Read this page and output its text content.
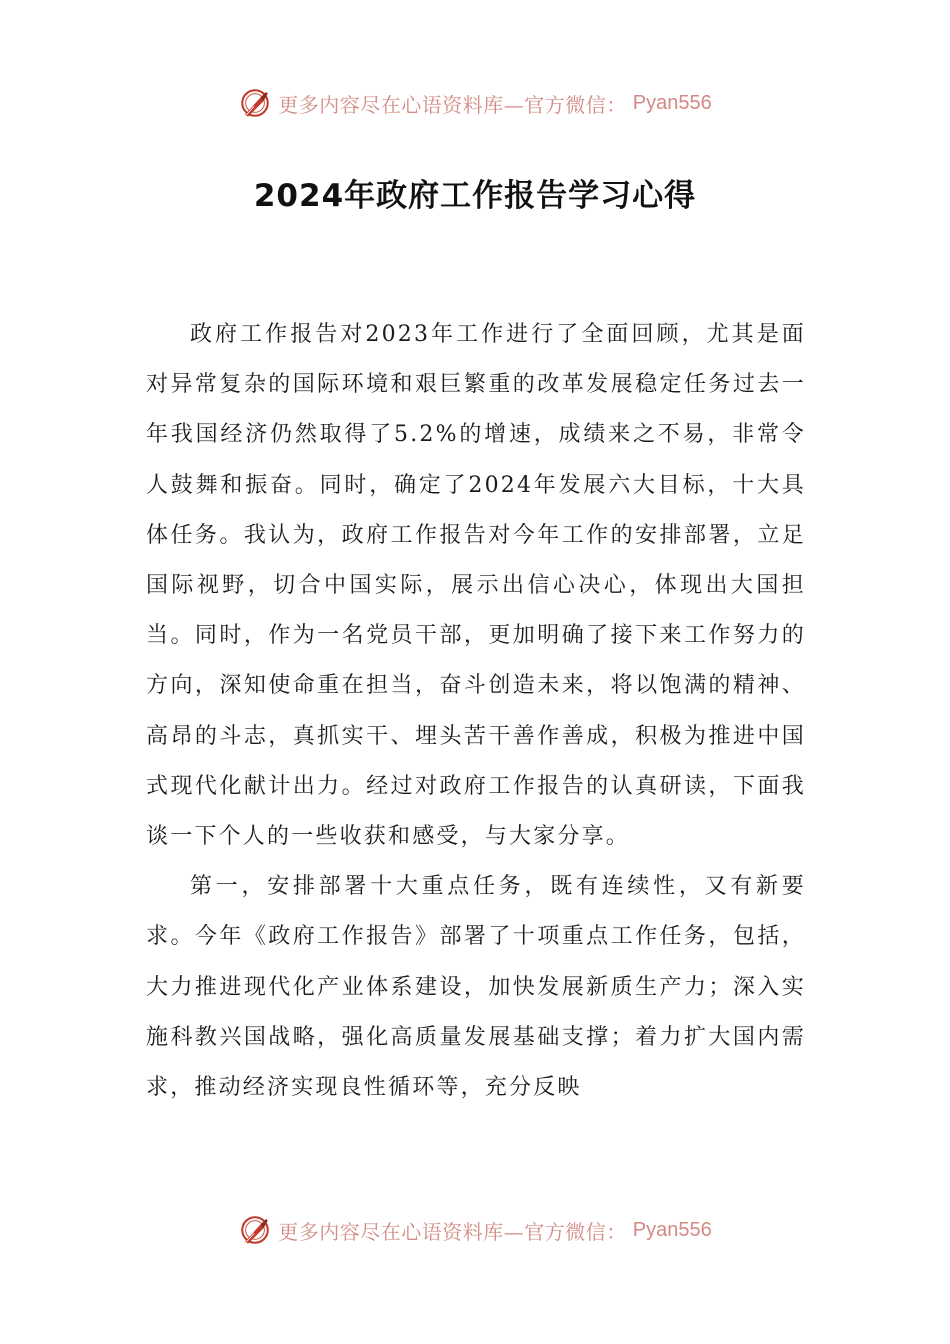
更多内容尽在心语资料库—官方微信： Pyan556
2024年政府工作报告学习心得

政府工作报告对2023年工作进行了全面回顾，尤其是面对异常复杂的国际环境和艰巨繁重的改革发展稳定任务过去一年我国经济仍然取得了5.2%的增速，成绩来之不易，非常令人鼓舞和振奋。同时，确定了2024年发展六大目标，十大具体任务。我认为，政府工作报告对今年工作的安排部署，立足国际视野，切合中国实际，展示出信心决心，体现出大国担当。同时，作为一名党员干部，更加明确了接下来工作努力的方向，深知使命重在担当，奋斗创造未来，将以饱满的精神、高昂的斗志，真抓实干、埋头苦干善作善成，积极为推进中国式现代化献计出力。经过对政府工作报告的认真研读，下面我谈一下个人的一些收获和感受，与大家分享。

第一，安排部署十大重点任务，既有连续性，又有新要求。今年《政府工作报告》部署了十项重点工作任务，包括，大力推进现代化产业体系建设，加快发展新质生产力；深入实施科教兴国战略，强化高质量发展基础支撑；着力扩大国内需求，推动经济实现良性循环等，充分反映

更多内容尽在心语资料库—官方微信： Pyan556
